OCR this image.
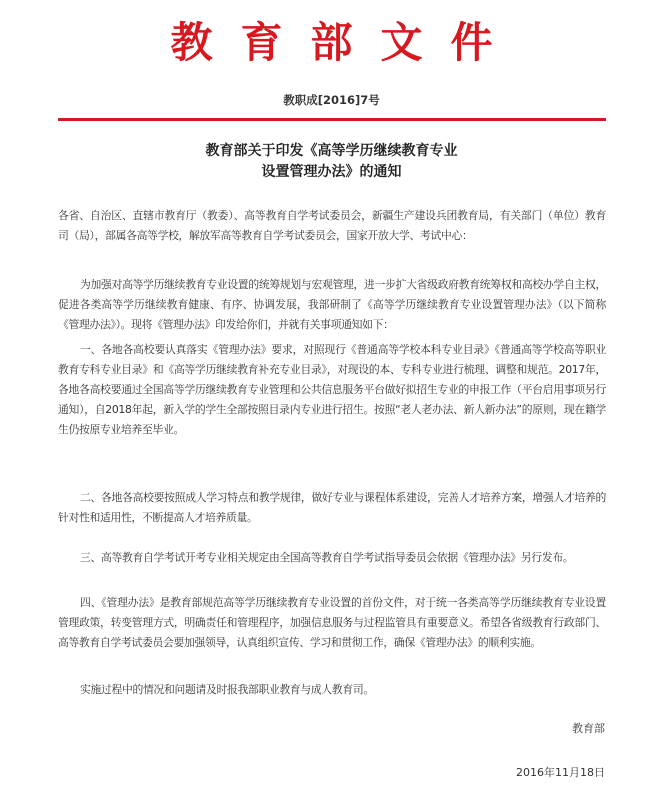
教育部文件
教职成[2016]7号
教育部关于印发《高等学历继续教育专业
设置管理办法》的通知

各省、自治区、直辖市教育厅（教委）、高等教育自学考试委员会，新疆生产建设兵团教育局，有关部门（单位）教育司（局），部属各高等学校，解放军高等教育自学考试委员会，国家开放大学、考试中心：

为加强对高等学历继续教育专业设置的统筹规划与宏观管理，进一步扩大省级政府教育统筹权和高校办学自主权，促进各类高等学历继续教育健康、有序、协调发展，我部研制了《高等学历继续教育专业设置管理办法》（以下简称《管理办法》）。现将《管理办法》印发给你们，并就有关事项通知如下：

一、各地各高校要认真落实《管理办法》要求，对照现行《普通高等学校本科专业目录》《普通高等学校高等职业教育专科专业目录》和《高等学历继续教育补充专业目录》，对现设的本、专科专业进行梳理、调整和规范。2017年，各地各高校要通过全国高等学历继续教育专业管理和公共信息服务平台做好拟招生专业的申报工作（平台启用事项另行通知），自2018年起，新入学的学生全部按照目录内专业进行招生。按照“老人老办法、新人新办法”的原则，现在籍学生仍按原专业培养至毕业。

二、各地各高校要按照成人学习特点和教学规律，做好专业与课程体系建设，完善人才培养方案，增强人才培养的针对性和适用性，不断提高人才培养质量。

三、高等教育自学考试开考专业相关规定由全国高等教育自学考试指导委员会依据《管理办法》另行发布。

四、《管理办法》是教育部规范高等学历继续教育专业设置的首份文件，对于统一各类高等学历继续教育专业设置管理政策，转变管理方式，明确责任和管理程序，加强信息服务与过程监管具有重要意义。希望各省级教育行政部门、高等教育自学考试委员会要加强领导，认真组织宣传、学习和贯彻工作，确保《管理办法》的顺利实施。

实施过程中的情况和问题请及时报我部职业教育与成人教育司。

教育部
2016年11月18日
